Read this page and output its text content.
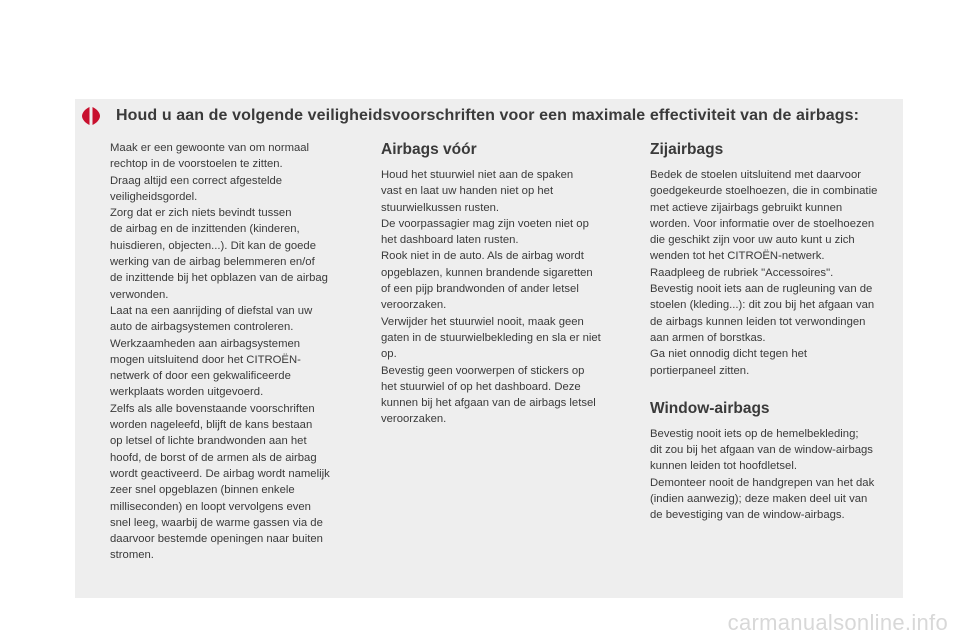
Houd u aan de volgende veiligheidsvoorschriften voor een maximale effectiviteit van de airbags:

Maak er een gewoonte van om normaal

rechtop in de voorstoelen te zitten.

Draag altijd een correct afgestelde

veiligheidsgordel.

Zorg dat er zich niets bevindt tussen

de airbag en de inzittenden (kinderen,

huisdieren, objecten...). Dit kan de goede

werking van de airbag belemmeren en/of

de inzittende bij het opblazen van de airbag

verwonden.

Laat na een aanrijding of diefstal van uw

auto de airbagsystemen controleren.

Werkzaamheden aan airbagsystemen

mogen uitsluitend door het CITROËN-

netwerk of door een gekwalificeerde

werkplaats worden uitgevoerd.

Zelfs als alle bovenstaande voorschriften

worden nageleefd, blijft de kans bestaan

op letsel of lichte brandwonden aan het

hoofd, de borst of de armen als de airbag

wordt geactiveerd. De airbag wordt namelijk

zeer snel opgeblazen (binnen enkele

milliseconden) en loopt vervolgens even

snel leeg, waarbij de warme gassen via de

daarvoor bestemde openingen naar buiten

stromen.

Airbags vóór

Houd het stuurwiel niet aan de spaken

vast en laat uw handen niet op het

stuurwielkussen rusten.

De voorpassagier mag zijn voeten niet op

het dashboard laten rusten.

Rook niet in de auto. Als de airbag wordt

opgeblazen, kunnen brandende sigaretten

of een pijp brandwonden of ander letsel

veroorzaken.

Verwijder het stuurwiel nooit, maak geen

gaten in de stuurwielbekleding en sla er niet

op.

Bevestig geen voorwerpen of stickers op

het stuurwiel of op het dashboard. Deze

kunnen bij het afgaan van de airbags letsel

veroorzaken.

Zijairbags

Bedek de stoelen uitsluitend met daarvoor

goedgekeurde stoelhoezen, die in combinatie

met actieve zijairbags gebruikt kunnen

worden. Voor informatie over de stoelhoezen

die geschikt zijn voor uw auto kunt u zich

wenden tot het CITROËN-netwerk.

Raadpleeg de rubriek "Accessoires".

Bevestig nooit iets aan de rugleuning van de

stoelen (kleding...): dit zou bij het afgaan van

de airbags kunnen leiden tot verwondingen

aan armen of borstkas.

Ga niet onnodig dicht tegen het

portierpaneel zitten.

Window-airbags

Bevestig nooit iets op de hemelbekleding;

dit zou bij het afgaan van de window-airbags

kunnen leiden tot hoofdletsel.

Demonteer nooit de handgrepen van het dak

(indien aanwezig); deze maken deel uit van

de bevestiging van de window-airbags.

carmanualsonline.info
